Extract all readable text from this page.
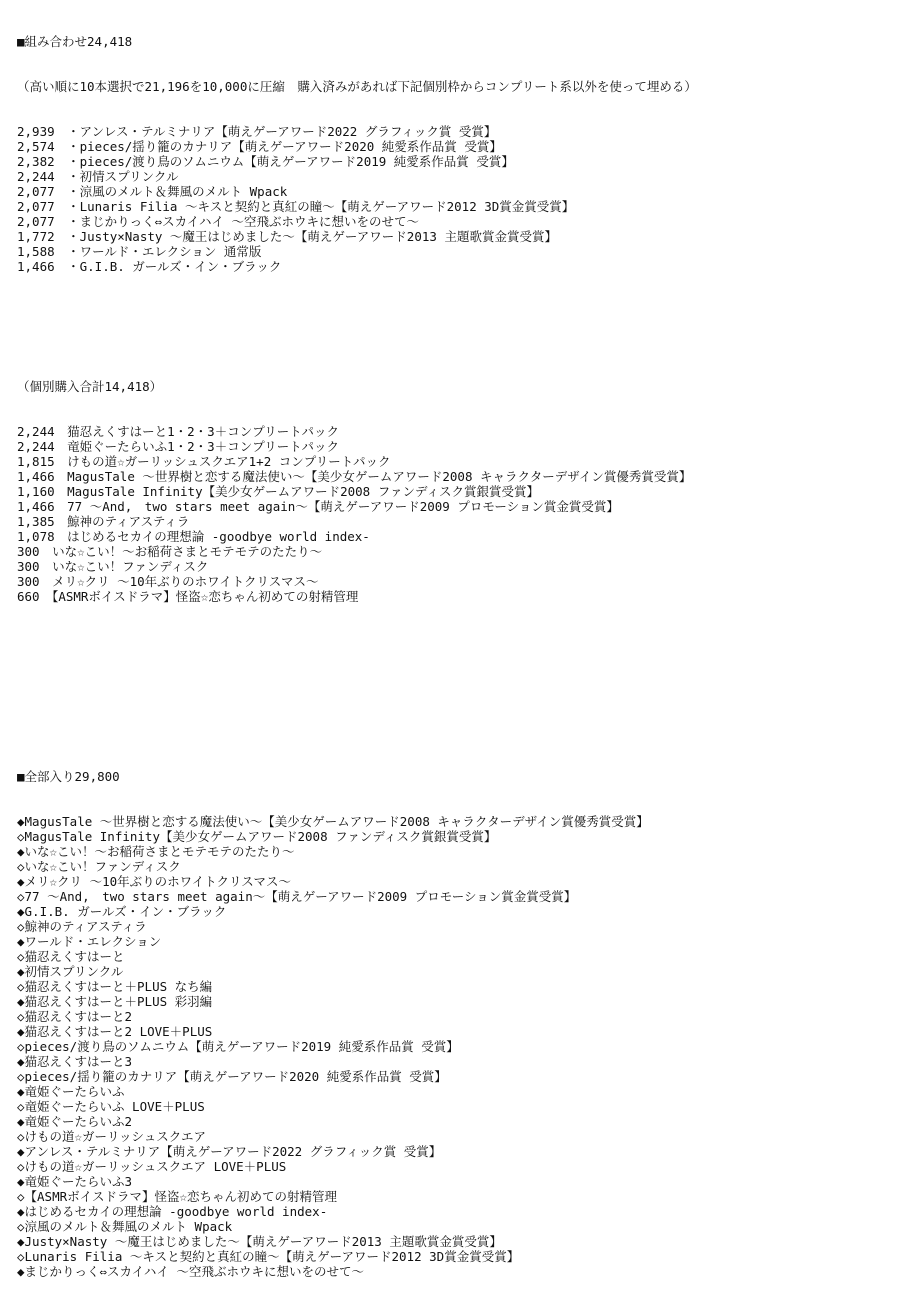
■組み合わせ24,418

（高い順に10本選択で21,196を10,000に圧縮　購入済みがあれば下記個別枠からコンプリート系以外を使って埋める）

2,939　・アンレス・テルミナリア【萌えゲーアワード2022 グラフィック賞 受賞】
2,574　・pieces/揺り籠のカナリア【萌えゲーアワード2020 純愛系作品賞 受賞】
2,382　・pieces/渡り鳥のソムニウム【萌えゲーアワード2019 純愛系作品賞 受賞】
2,244　・初情スプリンクル
2,077　・涼風のメルト＆舞風のメルト Wpack
2,077　・Lunaris Filia ～キスと契約と真紅の瞳～【萌えゲーアワード2012 3D賞金賞受賞】
2,077　・まじかりっく⇔スカイハイ ～空飛ぶホウキに想いをのせて～
1,772　・Justy×Nasty ～魔王はじめました～【萌えゲーアワード2013 主題歌賞金賞受賞】
1,588　・ワールド・エレクション 通常版
1,466　・G.I.B. ガールズ・イン・ブラック

（個別購入合計14,418）

2,244　猫忍えくすはーと1・2・3＋コンプリートパック
2,244　竜姫ぐーたらいふ1・2・3＋コンプリートパック
1,815　けもの道☆ガーリッシュスクエア1+2 コンプリートパック
1,466　MagusTale ～世界樹と恋する魔法使い～【美少女ゲームアワード2008 キャラクターデザイン賞優秀賞受賞】
1,160　MagusTale Infinity【美少女ゲームアワード2008 ファンディスク賞銀賞受賞】
1,466　77 ～And,　two stars meet again～【萌えゲーアワード2009 プロモーション賞金賞受賞】
1,385　鯨神のティアスティラ
1,078　はじめるセカイの理想論 -goodbye world index-
300　いな☆こい！～お稲荷さまとモテモテのたたり～
300　いな☆こい！ファンディスク
300　メリ☆クリ ～10年ぶりのホワイトクリスマス～
660　【ASMRボイスドラマ】怪盗☆恋ちゃん初めての射精管理

■全部入り29,800

◆MagusTale ～世界樹と恋する魔法使い～【美少女ゲームアワード2008 キャラクターデザイン賞優秀賞受賞】
◇MagusTale Infinity【美少女ゲームアワード2008 ファンディスク賞銀賞受賞】
◆いな☆こい！～お稲荷さまとモテモテのたたり～
◇いな☆こい！ファンディスク
◆メリ☆クリ ～10年ぶりのホワイトクリスマス～
◇77 ～And,　two stars meet again～【萌えゲーアワード2009 プロモーション賞金賞受賞】
◆G.I.B. ガールズ・イン・ブラック
◇鯨神のティアスティラ
◆ワールド・エレクション
◇猫忍えくすはーと
◆初情スプリンクル
◇猫忍えくすはーと＋PLUS なち編
◆猫忍えくすはーと＋PLUS 彩羽編
◇猫忍えくすはーと2
◆猫忍えくすはーと2 LOVE＋PLUS
◇pieces/渡り鳥のソムニウム【萌えゲーアワード2019 純愛系作品賞 受賞】
◆猫忍えくすはーと3
◇pieces/揺り籠のカナリア【萌えゲーアワード2020 純愛系作品賞 受賞】
◆竜姫ぐーたらいふ
◇竜姫ぐーたらいふ LOVE＋PLUS
◆竜姫ぐーたらいふ2
◇けもの道☆ガーリッシュスクエア
◆アンレス・テルミナリア【萌えゲーアワード2022 グラフィック賞 受賞】
◇けもの道☆ガーリッシュスクエア LOVE＋PLUS
◆竜姫ぐーたらいふ3
◇【ASMRボイスドラマ】怪盗☆恋ちゃん初めての射精管理
◆はじめるセカイの理想論 -goodbye world index-
◇涼風のメルト＆舞風のメルト Wpack
◆Justy×Nasty ～魔王はじめました～【萌えゲーアワード2013 主題歌賞金賞受賞】
◇Lunaris Filia ～キスと契約と真紅の瞳～【萌えゲーアワード2012 3D賞金賞受賞】
◆まじかりっく⇔スカイハイ ～空飛ぶホウキに想いをのせて～
